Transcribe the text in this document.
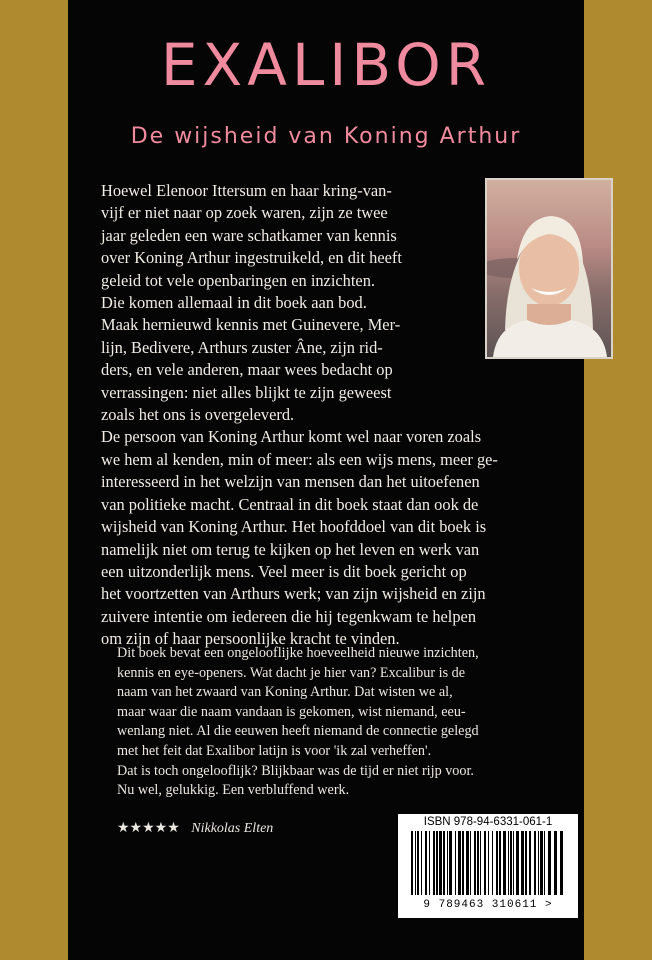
EXALIBOR
De wijsheid van Koning Arthur
Hoewel Elenoor Ittersum en haar kring-van-
vijf er niet naar op zoek waren, zijn ze twee
jaar geleden een ware schatkamer van kennis
over Koning Arthur ingestruikeld, en dit heeft
geleid tot vele openbaringen en inzichten.
Die komen allemaal in dit boek aan bod.
Maak hernieuwd kennis met Guinevere, Mer-
lijn, Bedivere, Arthurs zuster Âne, zijn rid-
ders, en vele anderen, maar wees bedacht op
verrassingen: niet alles blijkt te zijn geweest
zoals het ons is overgeleverd.
De persoon van Koning Arthur komt wel naar voren zoals
we hem al kenden, min of meer: als een wijs mens, meer ge-
interesseerd in het welzijn van mensen dan het uitoefenen
van politieke macht. Centraal in dit boek staat dan ook de
wijsheid van Koning Arthur. Het hoofddoel van dit boek is
namelijk niet om terug te kijken op het leven en werk van
een uitzonderlijk mens. Veel meer is dit boek gericht op
het voortzetten van Arthurs werk; van zijn wijsheid en zijn
zuivere intentie om iedereen die hij tegenkwam te helpen
om zijn of haar persoonlijke kracht te vinden.
Dit boek bevat een ongelooflijke hoeveelheid nieuwe inzichten,
kennis en eye-openers. Wat dacht je hier van? Excalibur is de
naam van het zwaard van Koning Arthur. Dat wisten we al,
maar waar die naam vandaan is gekomen, wist niemand, eeu-
wenlang niet. Al die eeuwen heeft niemand de connectie gelegd
met het feit dat Exalibor latijn is voor 'ik zal verheffen'.
Dat is toch ongelooflijk? Blijkbaar was de tijd er niet rijp voor.
Nu wel, gelukkig. Een verbluffend werk.
★★★★★ Nikkolas Elten	ISBN 978-94-6331-061-1
9 789463 310611 >
